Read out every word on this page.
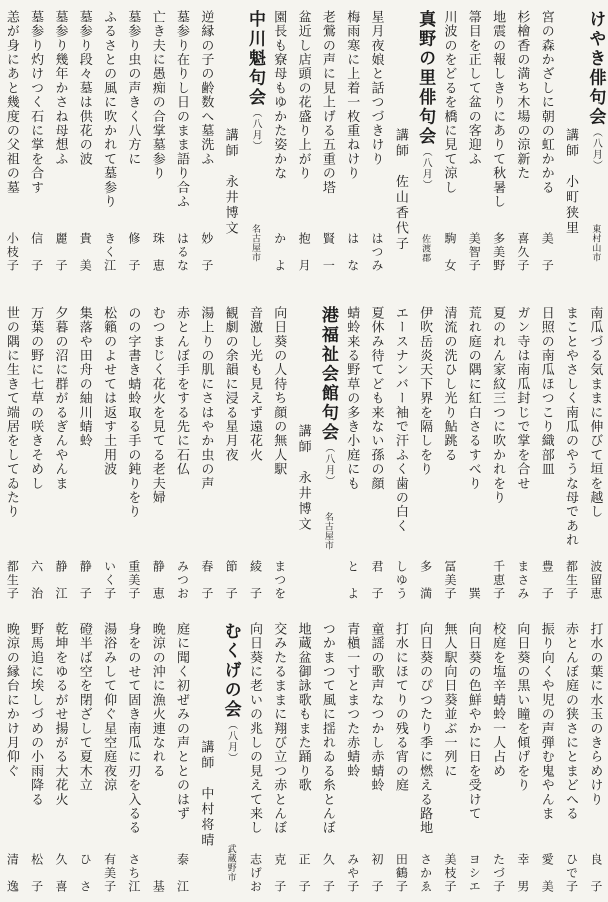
けやき俳句会（八月）
東村山市
講師　小町狭里
宮の森かざしに朝の虹かかる
美　子
杉檜香の満ち木場の涼新た
喜久子
地震の報しきりにありて秋暑し
多美野
箒目を正して盆の客迎ふ
美智子
川波のをどるを橋に見て涼し
駒　女
真野の里俳句会（八月）
佐渡郡
講師　佐山香代子
星月夜娘と話つづきけり
はつみ
梅雨寒に上着一枚重ねけり
は　な
老鶯の声に見上げる五重の塔
賢　一
盆近し店頭の花盛り上がり
抱　月
園長も寮母もゆかた姿かな
か　よ
中川魁句会（八月）
名古屋市
講師　永井博文
逆縁の子の齢数へ墓洗ふ
妙　子
墓参り在りし日のまま語り合ふ
はるな
亡き夫に愚痴の合掌墓参り
珠　恵
墓参り虫の声きく八方に
修　子
ふるさとの風に吹かれて墓参り
きく江
墓参り段々墓は供花の波
貴　美
墓参り幾年かさね母想ふ
麗　子
墓参り灼けつく石に掌を合す
信　子
恙が身にあと幾度の父祖の墓
小枝子
南瓜づる気ままに伸びて垣を越し
波留恵
まことやさしく南瓜のやうな母であれ
都生子
日照の南瓜ほつこり織部皿
豊　子
ガン寺は南瓜封じで掌を合せ
まさみ
夏のれん家紋三つに吹かれをり
千恵子
荒れ庭の隅に紅白さるすべり
巽
清流の洗ひし光り鮎跳る
冨美子
伊吹岳炎天下界を隔しをり
多　満
エースナンバー袖で汗ふく歯の白く
しゆう
夏休み待てども来ない孫の顔
君　子
蜻蛉来る野草の多き小庭にも
と　よ
港福祉会館句会（八月）
名古屋市
講師　永井博文
向日葵の人待ち顔の無人駅
まつを
音激し光も見えず遠花火
綾　子
観劇の余韻に浸る星月夜
節　子
湯上りの肌にさはやか虫の声
春　子
赤とんぼ手をする先に石仏
みつお
むつまじく花火を見てる老夫婦
静　恵
のの字書き蜻蛉取る手の鈍りをり
重美子
松籟のよせては返す土用波
いく子
集落や田舟の紬川蜻蛉
静　子
夕暮の沼に群がるぎんやんま
静　江
万葉の野に七草の咲きそめし
六　治
世の隅に生きて端居をしてゐたり
都生子
打水の葉に水玉のきらめけり
良　子
赤とんぼ庭の狭さにとまどへる
ひで子
振り向くや児の声弾む鬼やんま
愛　美
向日葵の黒い瞳を傾げをり
幸　男
校庭を塩辛蜻蛉一人占め
たづ子
向日葵の色鮮やかに日を受けて
ヨシエ
無人駅向日葵並ぶ一列に
美枝子
向日葵のぴつたり季に燃える路地
さかゑ
打水にほてりの残る宵の庭
田鶴子
童謡の歌声なつかし赤蜻蛉
初　子
青槇一寸とまつた赤蜻蛉
みや子
つかまつて風に揺れゐる糸とんぼ
久　子
地蔵盆御詠歌もまた踊り歌
正　子
交みたるままに翔び立つ赤とんぼ
克　子
向日葵に老いの兆しの見えて来し
志げお
むくげの会（八月）
武蔵野市
講師　中村将晴
庭に聞く初ぜみの声ととのはず
泰　江
晩涼の沖に漁火連なれる
基
身をのせて固き南瓜に刃を入るる
さち江
湯浴みして仰ぐ星空庭夜涼
有美子
磴半ば空を閉ざして夏木立
ひ　さ
乾坤をゆるがせ揚がる大花火
久　喜
野馬追に埃しづめの小雨降る
松　子
晩涼の縁台にかけ月仰ぐ
清　逸
